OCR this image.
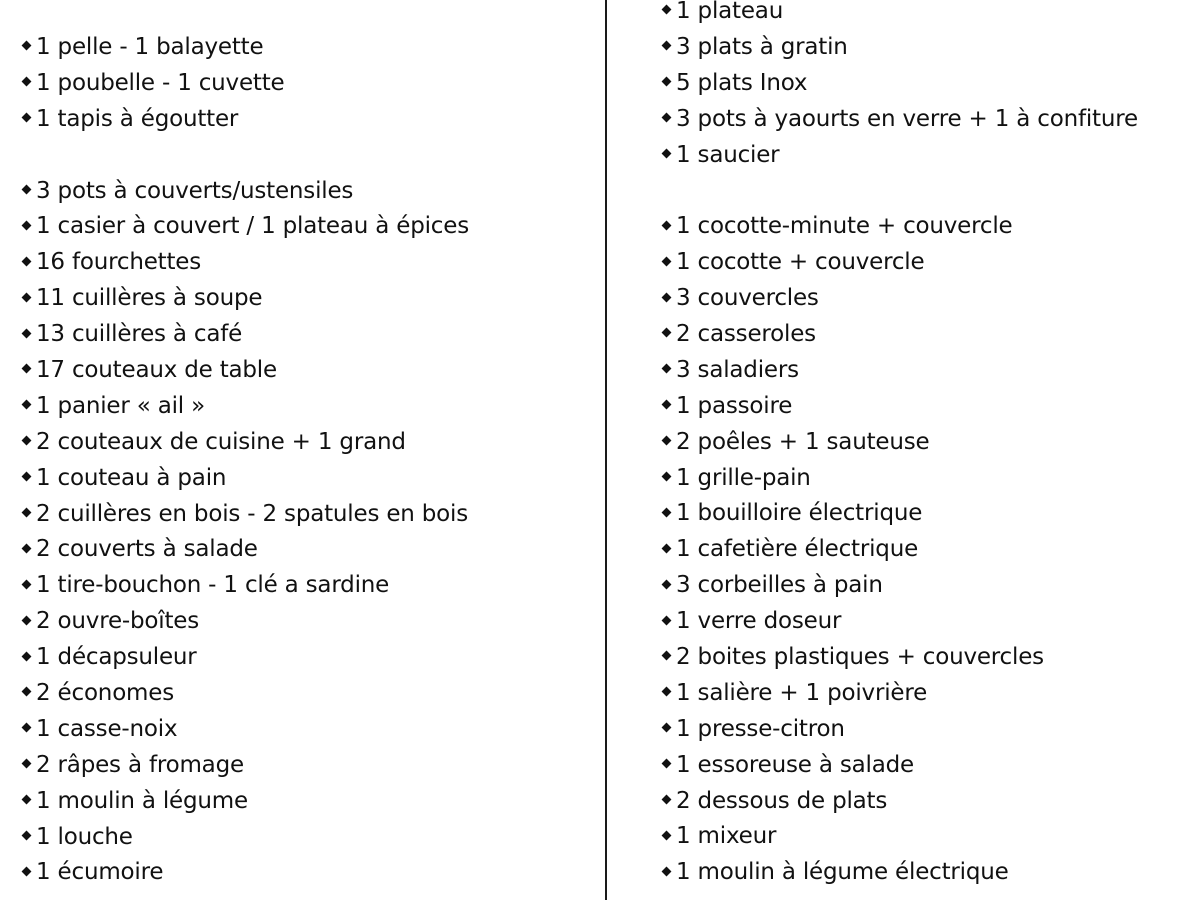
1 pelle - 1 balayette
1 poubelle - 1 cuvette
1 tapis à égoutter
3 pots à couverts/ustensiles
1 casier à couvert / 1 plateau à épices
16 fourchettes
11 cuillères à soupe
13 cuillères à café
17 couteaux de table
1 panier « ail »
2 couteaux de cuisine + 1 grand
1 couteau à pain
2 cuillères en bois - 2 spatules en bois
2 couverts à salade
1 tire-bouchon - 1 clé a sardine
2 ouvre-boîtes
1 décapsuleur
2 économes
1 casse-noix
2 râpes à fromage
1 moulin à légume
1 louche
1 écumoire
1 plateau
3 plats à gratin
5 plats Inox
3 pots à yaourts en verre + 1 à confiture
1 saucier
1 cocotte-minute + couvercle
1 cocotte + couvercle
3 couvercles
2 casseroles
3 saladiers
1 passoire
2 poêles + 1 sauteuse
1 grille-pain
1 bouilloire électrique
1 cafetière électrique
3 corbeilles à pain
1 verre doseur
2 boites plastiques + couvercles
1 salière + 1 poivrière
1 presse-citron
1 essoreuse à salade
2 dessous de plats
1 mixeur
1 moulin à légume électrique
